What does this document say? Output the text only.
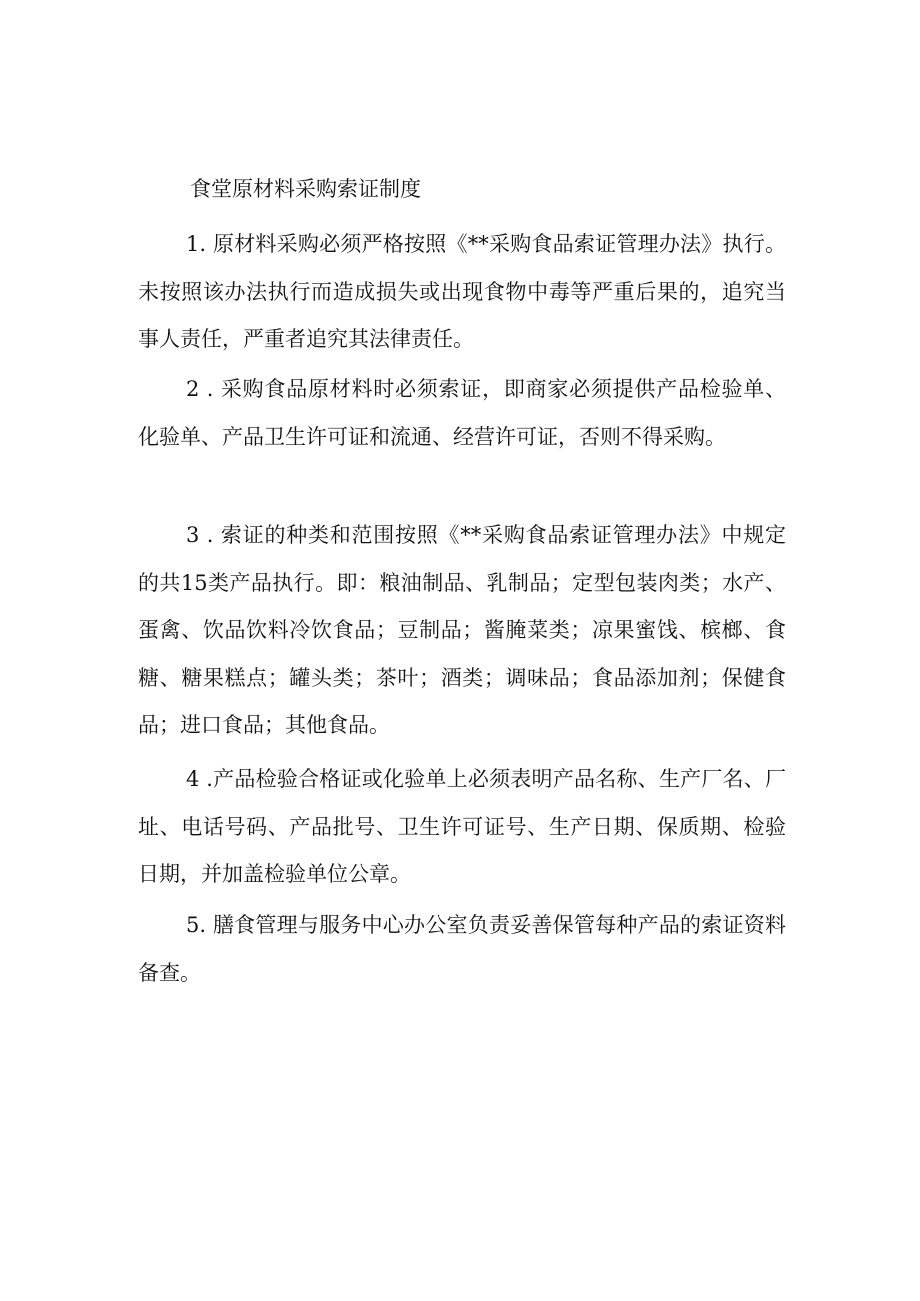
食堂原材料采购索证制度

1. 原材料采购必须严格按照《**采购食品索证管理办法》执行。未按照该办法执行而造成损失或出现食物中毒等严重后果的，追究当事人责任，严重者追究其法律责任。

2 . 采购食品原材料时必须索证，即商家必须提供产品检验单、化验单、产品卫生许可证和流通、经营许可证，否则不得采购。

3 . 索证的种类和范围按照《**采购食品索证管理办法》中规定的共15类产品执行。即：粮油制品、乳制品；定型包装肉类；水产、蛋禽、饮品饮料冷饮食品；豆制品；酱腌菜类；凉果蜜饯、槟榔、食糖、糖果糕点；罐头类；茶叶；酒类；调味品；食品添加剂；保健食品；进口食品；其他食品。

4 .产品检验合格证或化验单上必须表明产品名称、生产厂名、厂址、电话号码、产品批号、卫生许可证号、生产日期、保质期、检验日期，并加盖检验单位公章。

5. 膳食管理与服务中心办公室负责妥善保管每种产品的索证资料备查。
